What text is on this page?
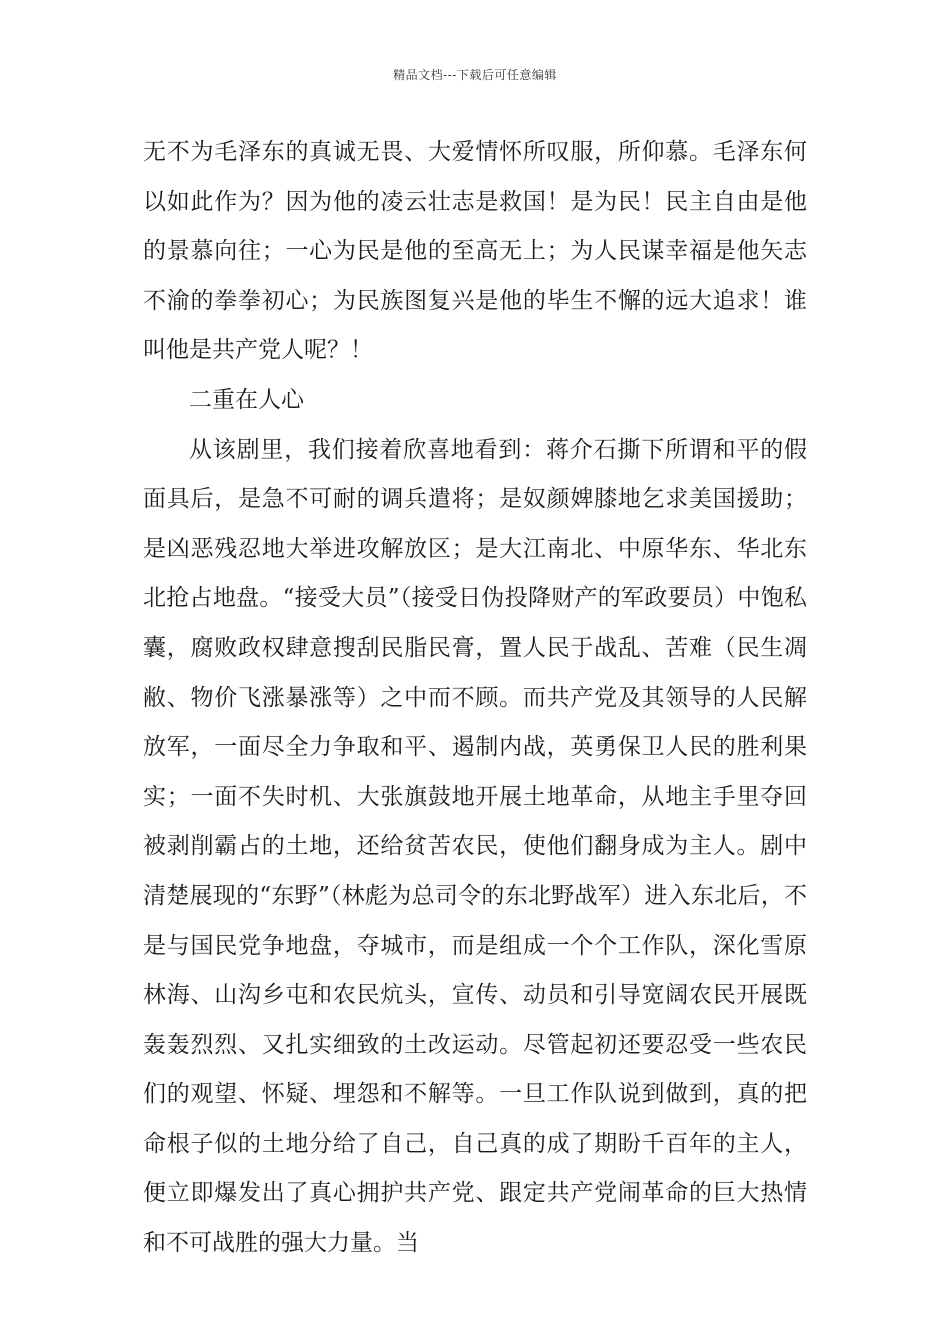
精品文档---下载后可任意编辑

无不为毛泽东的真诚无畏、大爱情怀所叹服，所仰慕。毛泽东何以如此作为？因为他的凌云壮志是救国！是为民！民主自由是他的景慕向往；一心为民是他的至高无上；为人民谋幸福是他矢志不渝的拳拳初心；为民族图复兴是他的毕生不懈的远大追求！谁叫他是共产党人呢？！

二重在人心

从该剧里，我们接着欣喜地看到：蒋介石撕下所谓和平的假面具后，是急不可耐的调兵遣将；是奴颜婢膝地乞求美国援助；是凶恶残忍地大举进攻解放区；是大江南北、中原华东、华北东北抢占地盘。“接受大员”（接受日伪投降财产的军政要员）中饱私囊，腐败政权肆意搜刮民脂民膏，置人民于战乱、苦难（民生凋敝、物价飞涨暴涨等）之中而不顾。而共产党及其领导的人民解放军，一面尽全力争取和平、遏制内战，英勇保卫人民的胜利果实；一面不失时机、大张旗鼓地开展土地革命，从地主手里夺回被剥削霸占的土地，还给贫苦农民，使他们翻身成为主人。剧中清楚展现的“东野”（林彪为总司令的东北野战军）进入东北后，不是与国民党争地盘，夺城市，而是组成一个个工作队，深化雪原林海、山沟乡屯和农民炕头，宣传、动员和引导宽阔农民开展既轰轰烈烈、又扎实细致的土改运动。尽管起初还要忍受一些农民们的观望、怀疑、埋怨和不解等。一旦工作队说到做到，真的把命根子似的土地分给了自己，自己真的成了期盼千百年的主人，便立即爆发出了真心拥护共产党、跟定共产党闹革命的巨大热情和不可战胜的强大力量。当
